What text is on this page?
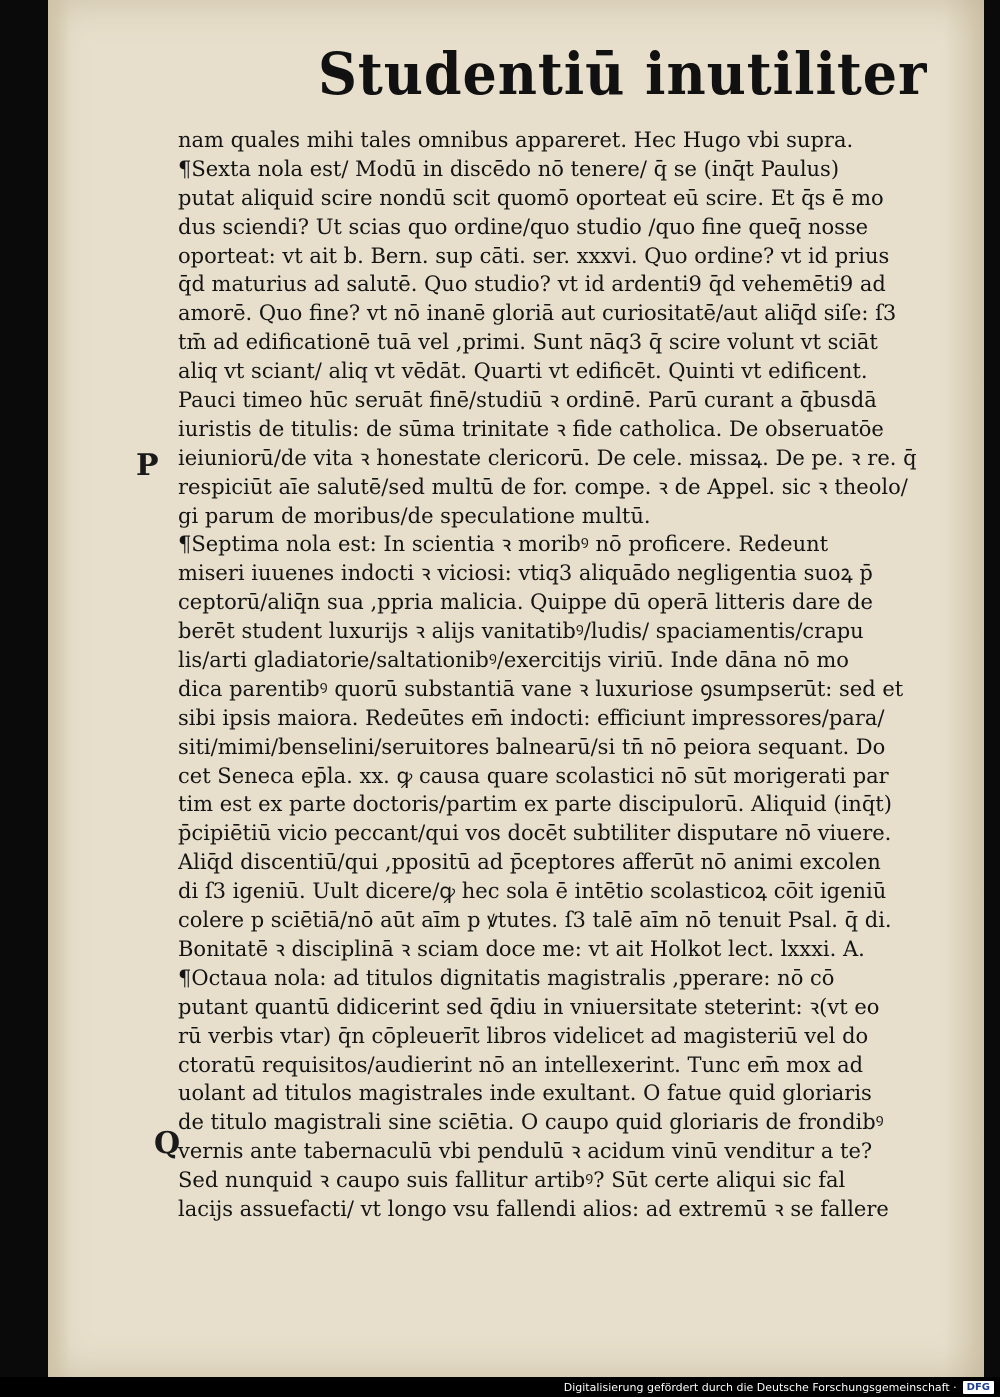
Studentiū inutiliter
P
Q
nam quales mihi tales omnibus appareret. Hec Hugo vbi supra.
¶Sexta nola est/ Modū in discēdo nō tenere/ q̄ se (inq̄t Paulus)
putat aliquid scire nondū scit quomō oporteat eū scire. Et q̄s ē mo
dus sciendi? Ut scias quo ordine/quo studio /quo fine queq̄ nosse
oporteat: vt ait b. Bern. sup cāti. ser. xxxvi. Quo ordine? vt id prius
q̄d maturius ad salutē. Quo studio? vt id ardenti9 q̄d vehemēti9 ad
amorē. Quo fine? vt nō inanē gloriā aut curiositatē/aut aliq̄d siſe: ſ3
tm̄ ad edificationē tuā vel ,primi. Sunt nāq3 q̄ scire volunt vt sciāt
aliq vt sciant/ aliq vt vēdāt. Quarti vt edificēt. Quinti vt edificent.
Pauci timeo hūc seruāt finē/studiū ꝛ ordinē. Parū curant a q̄busdā
iuristis de titulis: de sūma trinitate ꝛ fide catholica. De obseruatōe
ieiuniorū/de vita ꝛ honestate clericorū. De cele. missaꝝ. De pe. ꝛ re. q̄
respiciūt aīe salutē/sed multū de for. compe. ꝛ de Appel. sic ꝛ theolo/
gi parum de moribus/de speculatione multū.
¶Septima nola est: In scientia ꝛ moribꝰ nō proficere. Redeunt
miseri iuuenes indocti ꝛ viciosi: vtiq3 aliquādo negligentia suoꝝ p̄
ceptorū/aliq̄n sua ,ppria malicia. Quippe dū operā litteris dare de
berēt student luxurijs ꝛ alijs vanitatibꝰ/ludis/ spaciamentis/crapu
lis/arti gladiatorie/saltationibꝰ/exercitijs viriū. Inde dāna nō mo
dica parentibꝰ quorū substantiā vane ꝛ luxuriose ꝯsumpserūt: sed et
sibi ipsis maiora. Redeūtes em̄ indocti: efficiunt impressores/para/
siti/mimi/benselini/seruitores balnearū/si tn̄ nō peiora sequant. Do
cet Seneca ep̄la. xx. ꝙ causa quare scolastici nō sūt morigerati par
tim est ex parte doctoris/partim ex parte discipulorū. Aliquid (inq̄t)
p̄cipiētiū vicio peccant/qui vos docēt subtiliter disputare nō viuere.
Aliq̄d discentiū/qui ,ppositū ad p̄ceptores afferūt nō animi excolen
di ſ3 igeniū. Uult dicere/ꝙ hec sola ē intētio scolasticoꝝ cōit igeniū
colere p sciētiā/nō aūt aīm p ꝟtutes. ſ3 talē aīm nō tenuit Psal. q̄ di.
Bonitatē ꝛ disciplinā ꝛ sciam doce me: vt ait Holkot lect. lxxxi. A.
¶Octaua nola: ad titulos dignitatis magistralis ,pperare: nō cō
putant quantū didicerint sed q̄diu in vniuersitate steterint: ꝛ(vt eo
rū verbis vtar) q̄n cōpleuerīt libros videlicet ad magisteriū vel do
ctoratū requisitos/audierint nō an intellexerint. Tunc em̄ mox ad
uolant ad titulos magistrales inde exultant. O fatue quid gloriaris
de titulo magistrali sine sciētia. O caupo quid gloriaris de frondibꝰ
vernis ante tabernaculū vbi pendulū ꝛ acidum vinū venditur a te?
Sed nunquid ꝛ caupo suis fallitur artibꝰ? Sūt certe aliqui sic fal
lacijs assuefacti/ vt longo vsu fallendi alios: ad extremū ꝛ se fallere
Digitalisierung gefördert durch die Deutsche Forschungsgemeinschaft ·	DFG
